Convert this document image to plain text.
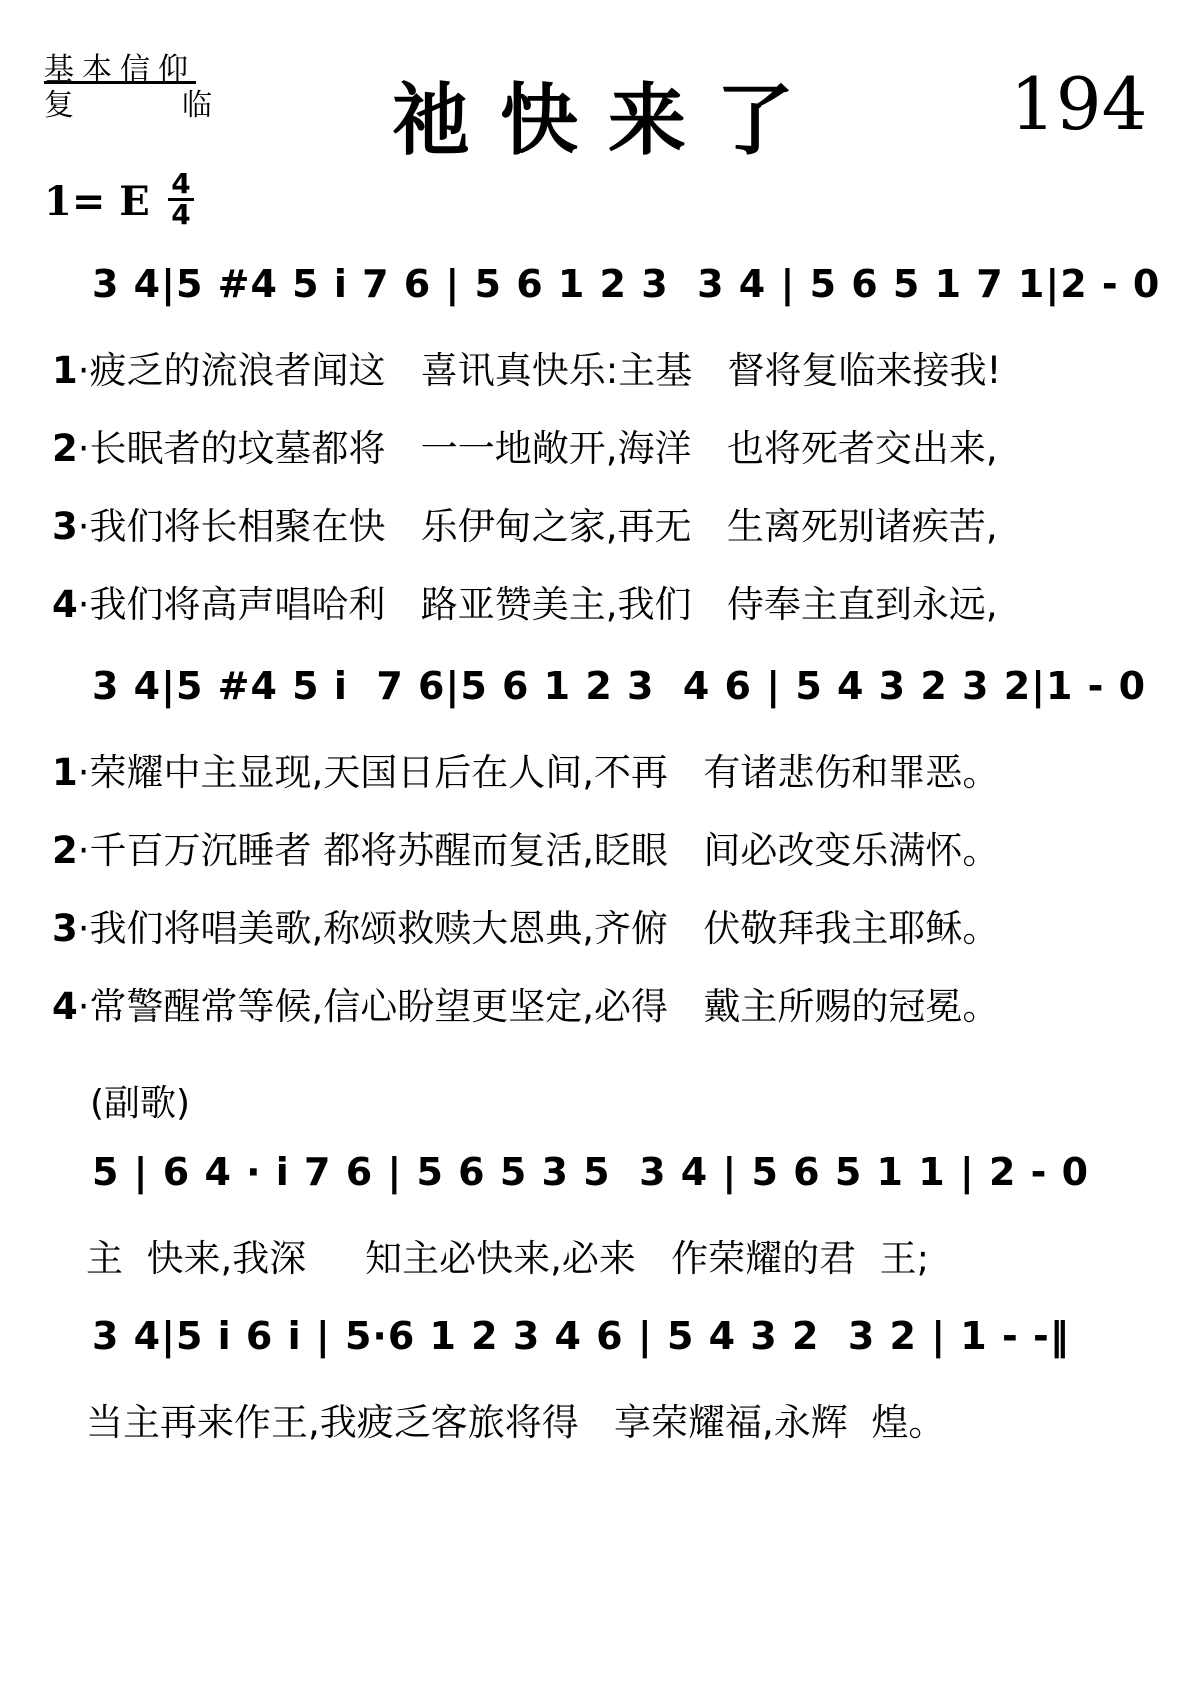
基本信仰
复	临 祂快来了	194
1= E 4
4
3 4|5 #4 5 i 7 6 | 5 6 1 2 3  3 4 | 5 6 5 1 7 1|2 - 0
1·疲乏的流浪者闻这   喜讯真快乐:主基   督将复临来接我!
2·长眠者的坟墓都将   一一地敞开,海洋   也将死者交出来,
3·我们将长相聚在快   乐伊甸之家,再无   生离死别诸疾苦,
4·我们将高声唱哈利   路亚赞美主,我们   侍奉主直到永远,
3 4|5 #4 5 i  7 6|5 6 1 2 3  4 6 | 5 4 3 2 3 2|1 - 0
1·荣耀中主显现,天国日后在人间,不再   有诸悲伤和罪恶。
2·千百万沉睡者 都将苏醒而复活,眨眼   间必改变乐满怀。
3·我们将唱美歌,称颂救赎大恩典,齐俯   伏敬拜我主耶稣。
4·常警醒常等候,信心盼望更坚定,必得   戴主所赐的冠冕。
(副歌)
5 | 6 4 · i 7 6 | 5 6 5 3 5  3 4 | 5 6 5 1 1 | 2 - 0
主  快来,我深     知主必快来,必来   作荣耀的君  王;
3 4|5 i 6 i | 5·6 1 2 3 4 6 | 5 4 3 2  3 2 | 1 - -‖
当主再来作王,我疲乏客旅将得   享荣耀福,永辉  煌。
